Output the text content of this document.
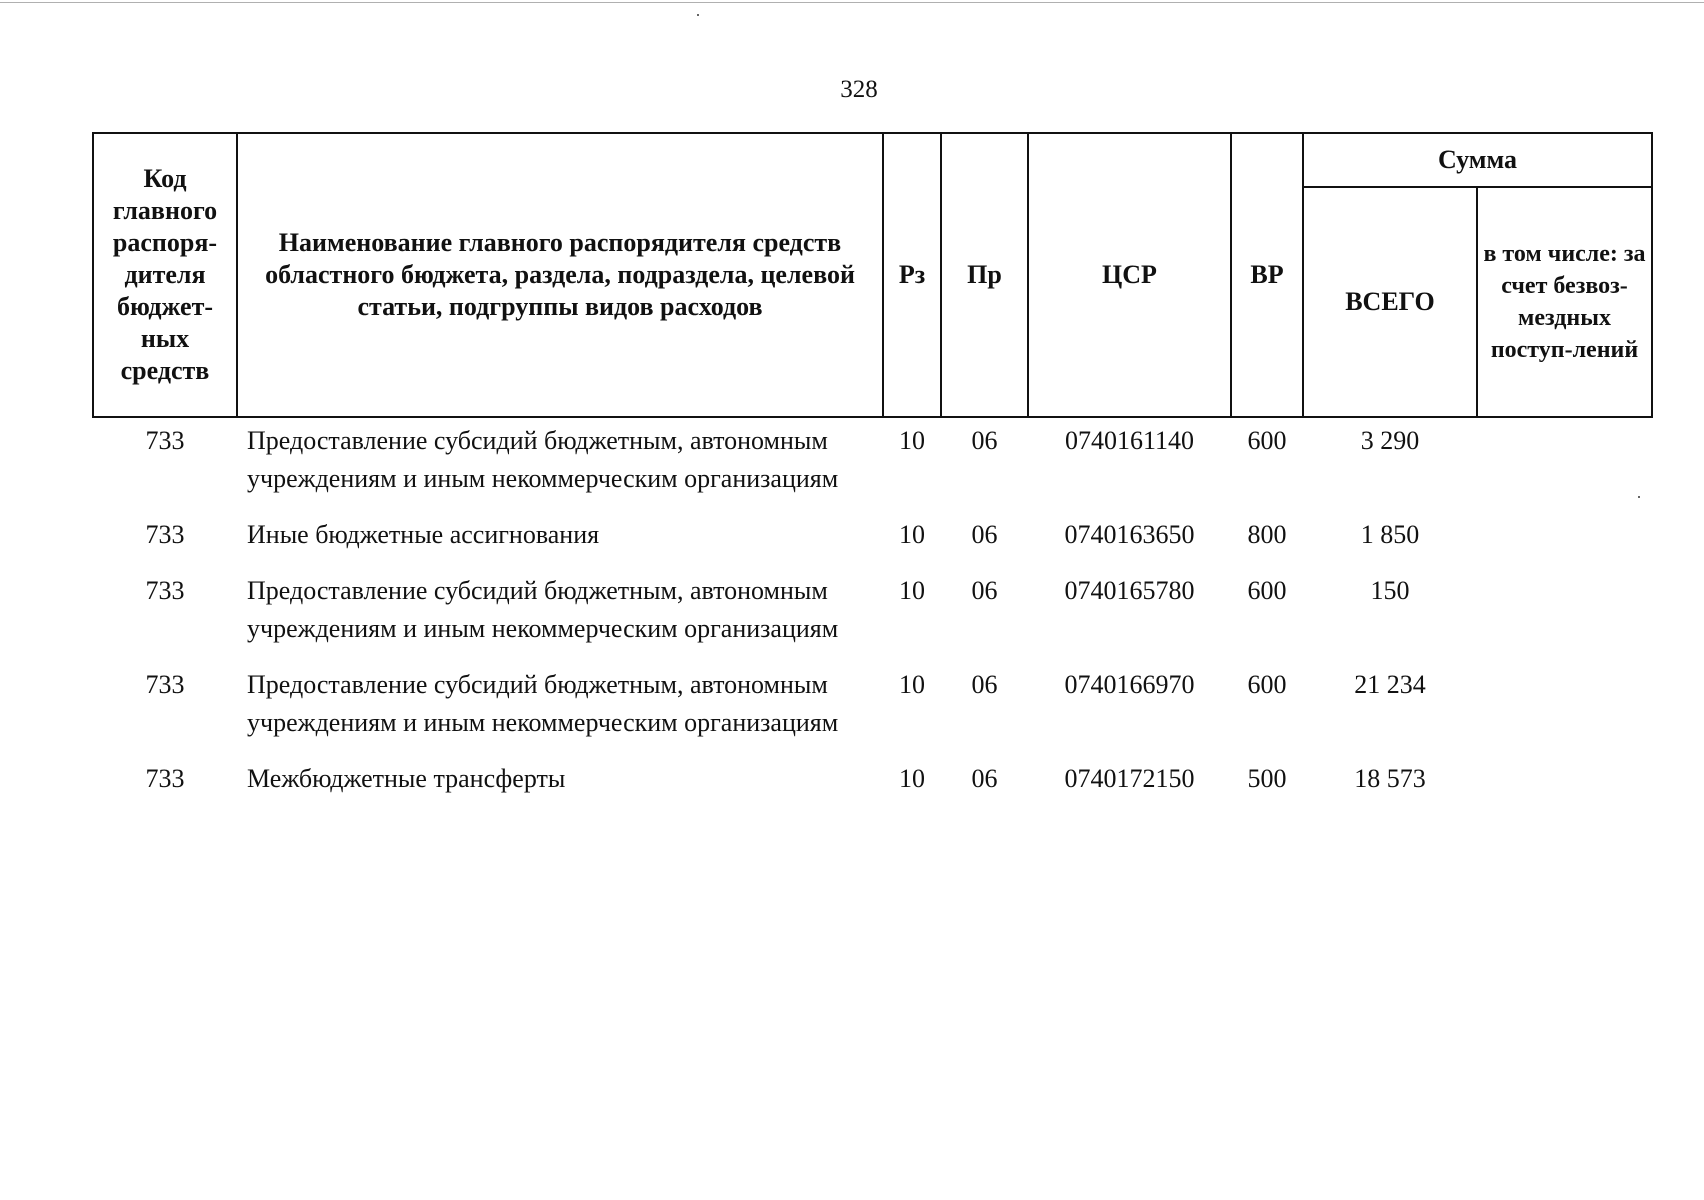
328
Код главного распоря-дителя бюджет-ных средств	Наименование главного распорядителя средств областного бюджета, раздела, подраздела, целевой статьи, подгруппы видов расходов	Рз	Пр	ЦСР	ВР	Сумма	
						ВСЕГО	в том числе: за счет безвоз-мездных поступ-лений
733	Предоставление субсидий бюджетным, автономным учреждениям и иным некоммерческим организациям	10	06	0740161140	600	3 290	
733	Иные бюджетные ассигнования	10	06	0740163650	800	1 850	
733	Предоставление субсидий бюджетным, автономным учреждениям и иным некоммерческим организациям	10	06	0740165780	600	150	
733	Предоставление субсидий бюджетным, автономным учреждениям и иным некоммерческим организациям	10	06	0740166970	600	21 234	
733	Межбюджетные трансферты	10	06	0740172150	500	18 573	
